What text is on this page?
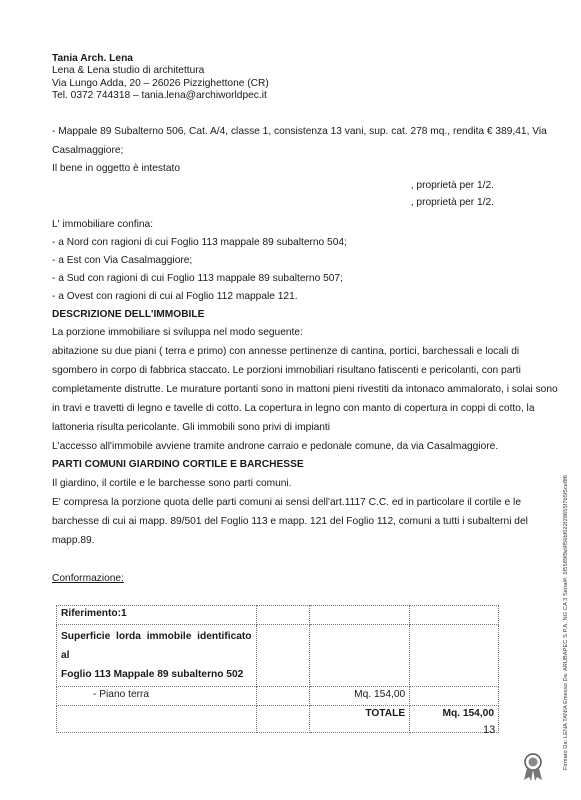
Tania Arch. Lena
Lena & Lena studio di architettura
Via Lungo Adda, 20 – 26026 Pizzighettone (CR)
Tel. 0372 744318 – tania.lena@archiworldpec.it
- Mappale 89 Subalterno 506, Cat. A/4, classe 1, consistenza 13 vani, sup. cat. 278 mq., rendita € 389,41, Via
Casalmaggiore;
Il bene in oggetto è intestato
, proprietà per 1/2.
, proprietà per 1/2.
L' immobiliare confina:
- a Nord con ragioni di cui Foglio 113 mappale 89 subalterno 504;
- a Est con Via Casalmaggiore;
- a Sud con ragioni di cui Foglio 113 mappale 89 subalterno 507;
- a Ovest con ragioni di cui al Foglio 112 mappale 121.
DESCRIZIONE DELL'IMMOBILE
La porzione immobiliare si sviluppa nel modo seguente:
abitazione su due piani ( terra e primo) con annesse pertinenze di cantina, portici, barchessali e locali di
sgombero in corpo di fabbrica staccato. Le porzioni immobiliari risultano fatiscenti e pericolanti, con parti
completamente distrutte. Le murature portanti sono in mattoni pieni rivestiti da intonaco ammalorato, i solai sono
in travi e travetti di legno e tavelle di cotto. La copertura in legno con manto di copertura in coppi di cotto, la
lattoneria risulta pericolante. Gli immobili sono privi di impianti
L'accesso all'immobile avviene tramite androne carraio e pedonale comune, da via Casalmaggiore.
PARTI COMUNI GIARDINO CORTILE E BARCHESSE
Il giardino, il cortile e le barchesse sono parti comuni.
E' compresa la porzione quota delle parti comuni ai sensi dell'art.1117 C.C. ed in particolare il cortile e le
barchesse di cui ai mapp. 89/501 del Foglio 113 e mapp. 121 del Foglio 112, comuni a tutti i subalterni del
mapp.89.
Conformazione:
Riferimento:1			

Superficie lorda immobile identificato al
Foglio 113 Mappale 89 subalterno 502			

- Piano terra		Mq. 154,00	
		TOTALE	Mq. 154,00
13	Firmato Da: LENA TANIA Emesso Da: ARUBAPEC S.P.A. NG CA 3 Serial#: 5f5589f9e9f56bf022f28655f7b5f5ce8f6
